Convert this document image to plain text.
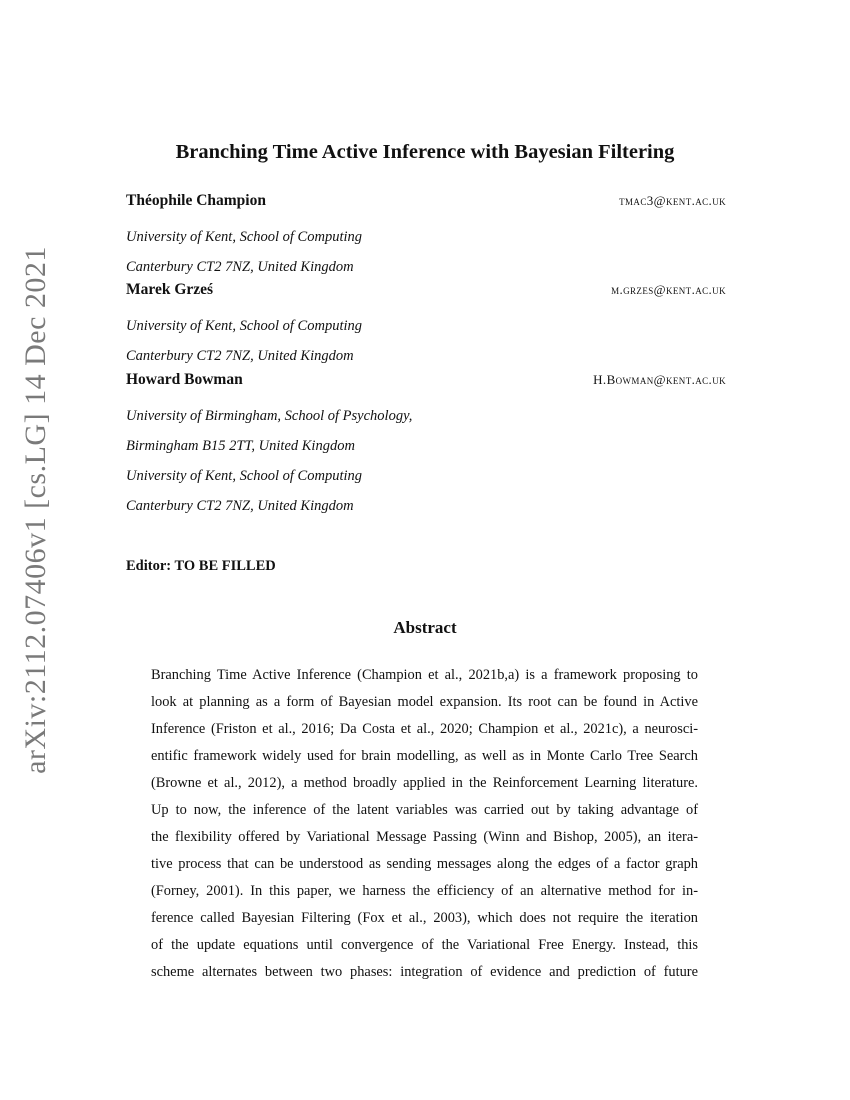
arXiv:2112.07406v1 [cs.LG] 14 Dec 2021
Branching Time Active Inference with Bayesian Filtering
Théophile Champion	tmac3@kent.ac.uk
University of Kent, School of Computing
Canterbury CT2 7NZ, United Kingdom
Marek Grześ	m.grzes@kent.ac.uk
University of Kent, School of Computing
Canterbury CT2 7NZ, United Kingdom
Howard Bowman	H.Bowman@kent.ac.uk
University of Birmingham, School of Psychology,
Birmingham B15 2TT, United Kingdom
University of Kent, School of Computing
Canterbury CT2 7NZ, United Kingdom
Editor: TO BE FILLED
Abstract
Branching Time Active Inference (Champion et al., 2021b,a) is a framework proposing to
look at planning as a form of Bayesian model expansion. Its root can be found in Active
Inference (Friston et al., 2016; Da Costa et al., 2020; Champion et al., 2021c), a neurosci-
entific framework widely used for brain modelling, as well as in Monte Carlo Tree Search
(Browne et al., 2012), a method broadly applied in the Reinforcement Learning literature.
Up to now, the inference of the latent variables was carried out by taking advantage of
the flexibility offered by Variational Message Passing (Winn and Bishop, 2005), an itera-
tive process that can be understood as sending messages along the edges of a factor graph
(Forney, 2001). In this paper, we harness the efficiency of an alternative method for in-
ference called Bayesian Filtering (Fox et al., 2003), which does not require the iteration
of the update equations until convergence of the Variational Free Energy. Instead, this
scheme alternates between two phases: integration of evidence and prediction of future
